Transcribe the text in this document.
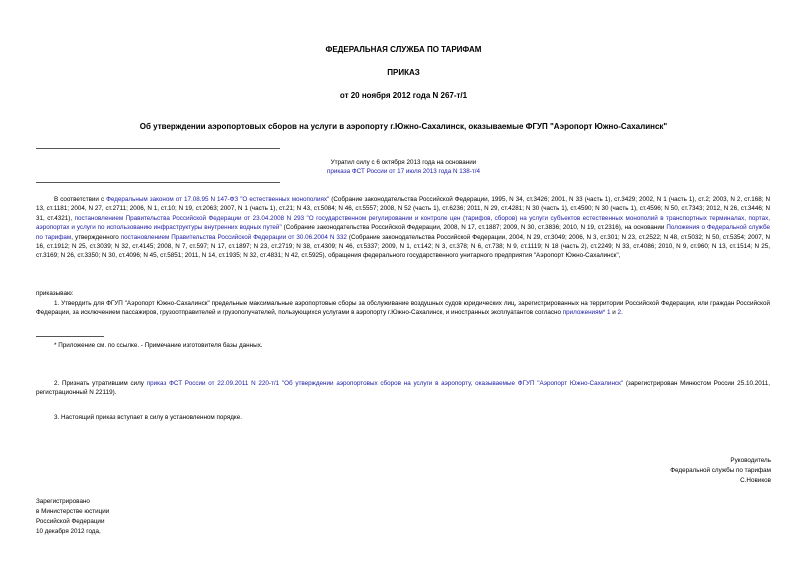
ФЕДЕРАЛЬНАЯ СЛУЖБА ПО ТАРИФАМ
ПРИКАЗ
от 20 ноября 2012 года N 267-т/1
Об утверждении аэропортовых сборов на услуги в аэропорту г.Южно-Сахалинск, оказываемые ФГУП "Аэропорт Южно-Сахалинск"
Утратил силу с 6 октября 2013 года на основании
приказа ФСТ России от 17 июля 2013 года N 138-т/4
В соответствии с Федеральным законом от 17.08.95 N 147-ФЗ "О естественных монополиях" (Собрание законодательства Российской Федерации, 1995, N 34, ст.3426; 2001, N 33 (часть 1), ст.3429; 2002, N 1 (часть 1), ст.2; 2003, N 2, ст.168; N 13, ст.1181; 2004, N 27, ст.2711; 2006, N 1, ст.10; N 19, ст.2063; 2007, N 1 (часть 1), ст.21; N 43, ст.5084; N 46, ст.5557; 2008, N 52 (часть 1), ст.6236; 2011, N 29, ст.4281; N 30 (часть 1), ст.4590; N 30 (часть 1), ст.4596; N 50, ст.7343; 2012, N 26, ст.3446; N 31, ст.4321), постановлением Правительства Российской Федерации от 23.04.2008 N 293 "О государственном регулировании и контроле цен (тарифов, сборов) на услуги субъектов естественных монополий в транспортных терминалах, портах, аэропортах и услуги по использованию инфраструктуры внутренних водных путей" (Собрание законодательства Российской Федерации, 2008, N 17, ст.1887; 2009, N 30, ст.3836; 2010, N 19, ст.2316), на основании Положения о Федеральной службе по тарифам, утвержденного постановлением Правительства Российской Федерации от 30.06.2004 N 332 (Собрание законодательства Российской Федерации, 2004, N 29, ст.3049; 2006, N 3, ст.301; N 23, ст.2522; N 48, ст.5032; N 50, ст.5354; 2007, N 16, ст.1912; N 25, ст.3039; N 32, ст.4145; 2008, N 7, ст.597; N 17, ст.1897; N 23, ст.2719; N 38, ст.4309; N 46, ст.5337; 2009, N 1, ст.142; N 3, ст.378; N 6, ст.738; N 9, ст.1119; N 18 (часть 2), ст.2249; N 33, ст.4086; 2010, N 9, ст.960; N 13, ст.1514; N 25, ст.3169; N 26, ст.3350; N 30, ст.4096; N 45, ст.5851; 2011, N 14, ст.1935; N 32, ст.4831; N 42, ст.5925), обращения федерального государственного унитарного предприятия "Аэропорт Южно-Сахалинск",
приказываю:
1. Утвердить для ФГУП "Аэропорт Южно-Сахалинск" предельные максимальные аэропортовые сборы за обслуживание воздушных судов юридических лиц, зарегистрированных на территории Российской Федерации, или граждан Российской Федерации, за исключением пассажиров, грузоотправителей и грузополучателей, пользующихся услугами в аэропорту г.Южно-Сахалинск, и иностранных эксплуатантов согласно приложениям* 1 и 2.
* Приложение см. по ссылке. - Примечание изготовителя базы данных.
2. Признать утратившим силу приказ ФСТ России от 22.09.2011 N 220-т/1 "Об утверждении аэропортовых сборов на услуги в аэропорту, оказываемые ФГУП "Аэропорт Южно-Сахалинск" (зарегистрирован Минюстом России 25.10.2011, регистрационный N 22119).
3. Настоящий приказ вступает в силу в установленном порядке.
Руководитель
Федеральной службы по тарифам
С.Новиков
Зарегистрировано
в Министерстве юстиции
Российской Федерации
10 декабря 2012 года,
